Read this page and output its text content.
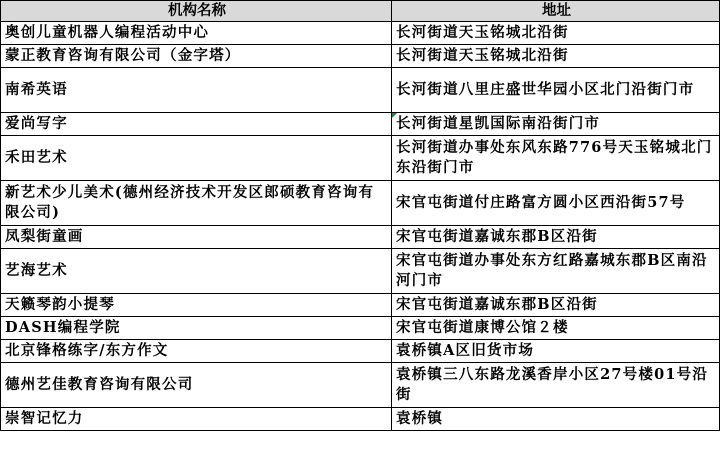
机构名称	地址
奥创儿童机器人编程活动中心	长河街道天玉铭城北沿街
蒙正教育咨询有限公司（金字塔）	长河街道天玉铭城北沿街
南希英语	长河街道八里庄盛世华园小区北门沿街门市
爱尚写字	长河街道星凯国际南沿街门市
禾田艺术	长河街道办事处东风东路776号天玉铭城北门东沿街门市
新艺术少儿美术(德州经济技术开发区郎硕教育咨询有限公司)	宋官屯街道付庄路富方圆小区西沿街57号
凤梨街童画	宋官屯街道嘉诚东郡B区沿街
艺海艺术	宋官屯街道办事处东方红路嘉城东郡B区南沿河门市
天籁琴韵小提琴	宋官屯街道嘉诚东郡B区沿街
DASH编程学院	宋官屯街道康博公馆２楼
北京锋格练字/东方作文	袁桥镇A区旧货市场
德州艺佳教育咨询有限公司	袁桥镇三八东路龙溪香岸小区27号楼01号沿街
崇智记忆力	袁桥镇
